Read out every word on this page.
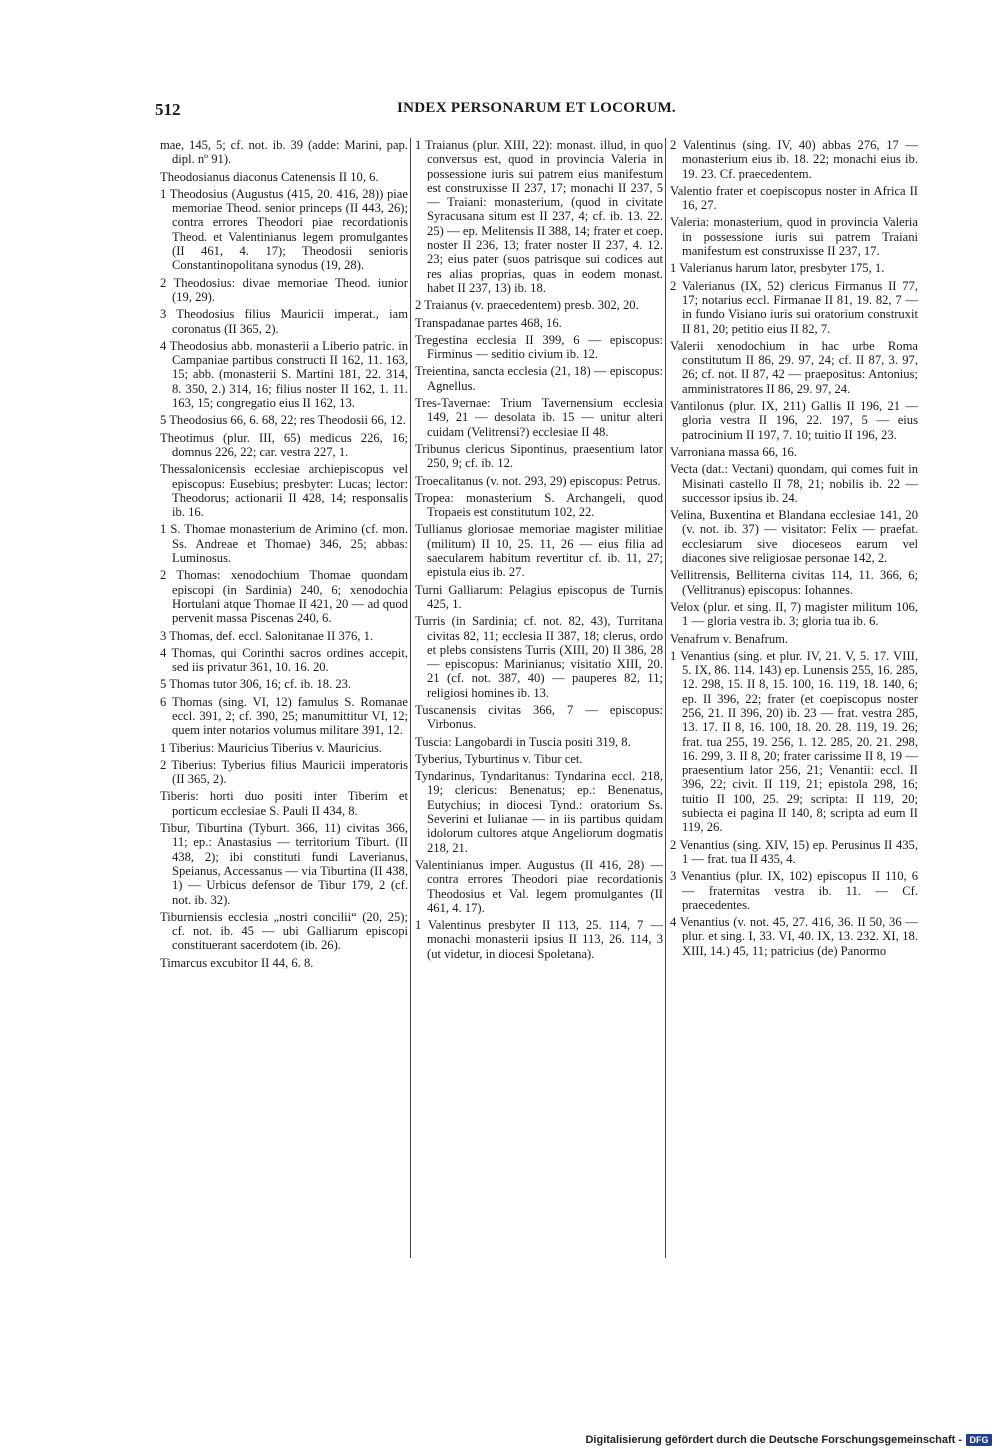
512	INDEX PERSONARUM ET LOCORUM.

mae, 145, 5; cf. not. ib. 39 (adde: Marini, pap. dipl. nº 91).

Theodosianus diaconus Catenensis II 10, 6.

1 Theodosius (Augustus (415, 20. 416, 28)) piae memoriae Theod. senior princeps (II 443, 26); contra errores Theodori piae recordationis Theod. et Valentinianus legem promulgantes (II 461, 4. 17); Theodosii senioris Constantinopolitana synodus (19, 28).

2 Theodosius: divae memoriae Theod. iunior (19, 29).

3 Theodosius filius Mauricii imperat., iam coronatus (II 365, 2).

4 Theodosius abb. monasterii a Liberio patric. in Campaniae partibus constructi II 162, 11. 163, 15; abb. (monasterii S. Martini 181, 22. 314, 8. 350, 2.) 314, 16; filius noster II 162, 1. 11. 163, 15; congregatio eius II 162, 13.

5 Theodosius 66, 6. 68, 22; res Theodosii 66, 12.

Theotimus (plur. III, 65) medicus 226, 16; domnus 226, 22; car. vestra 227, 1.

Thessalonicensis ecclesiae archiepiscopus vel episcopus: Eusebius; presbyter: Lucas; lector: Theodorus; actionarii II 428, 14; responsalis ib. 16.

1 S. Thomae monasterium de Arimino (cf. mon. Ss. Andreae et Thomae) 346, 25; abbas: Luminosus.

2 Thomas: xenodochium Thomae quondam episcopi (in Sardinia) 240, 6; xenodochia Hortulani atque Thomae II 421, 20 — ad quod pervenit massa Piscenas 240, 6.

3 Thomas, def. eccl. Salonitanae II 376, 1.

4 Thomas, qui Corinthi sacros ordines accepit, sed iis privatur 361, 10. 16. 20.

5 Thomas tutor 306, 16; cf. ib. 18. 23.

6 Thomas (sing. VI, 12) famulus S. Romanae eccl. 391, 2; cf. 390, 25; manumittitur VI, 12; quem inter notarios volumus militare 391, 12.

1 Tiberius: Mauricius Tiberius v. Mauricius.

2 Tiberius: Tyberius filius Mauricii imperatoris (II 365, 2).

Tiberis: horti duo positi inter Tiberim et porticum ecclesiae S. Pauli II 434, 8.

Tibur, Tiburtina (Tyburt. 366, 11) civitas 366, 11; ep.: Anastasius — territorium Tiburt. (II 438, 2); ibi constituti fundi Laverianus, Speianus, Accessanus — via Tiburtina (II 438, 1) — Urbicus defensor de Tibur 179, 2 (cf. not. ib. 32).

Tiburniensis ecclesia „nostri concilii“ (20, 25); cf. not. ib. 45 — ubi Galliarum episcopi constituerant sacerdotem (ib. 26).

Timarcus excubitor II 44, 6. 8.

1 Traianus (plur. XIII, 22): monast. illud, in quo conversus est, quod in provincia Valeria in possessione iuris sui patrem eius manifestum est construxisse II 237, 17; monachi II 237, 5 — Traiani: monasterium, (quod in civitate Syracusana situm est II 237, 4; cf. ib. 13. 22. 25) — ep. Melitensis II 388, 14; frater et coep. noster II 236, 13; frater noster II 237, 4. 12. 23; eius pater (suos patrisque sui codices aut res alias proprias, quas in eodem monast. habet II 237, 13) ib. 18.

2 Traianus (v. praecedentem) presb. 302, 20.

Transpadanae partes 468, 16.

Tregestina ecclesia II 399, 6 — episcopus: Firminus — seditio civium ib. 12.

Treientina, sancta ecclesia (21, 18) — episcopus: Agnellus.

Tres-Tavernae: Trium Tavernensium ecclesia 149, 21 — desolata ib. 15 — unitur alteri cuidam (Velitrensi?) ecclesiae II 48.

Tribunus clericus Sipontinus, praesentium lator 250, 9; cf. ib. 12.

Troecalitanus (v. not. 293, 29) episcopus: Petrus.

Tropea: monasterium S. Archangeli, quod Tropaeis est constitutum 102, 22.

Tullianus gloriosae memoriae magister militiae (militum) II 10, 25. 11, 26 — eius filia ad saecularem habitum revertitur cf. ib. 11, 27; epistula eius ib. 27.

Turni Galliarum: Pelagius episcopus de Turnis 425, 1.

Turris (in Sardinia; cf. not. 82, 43), Turritana civitas 82, 11; ecclesia II 387, 18; clerus, ordo et plebs consistens Turris (XIII, 20) II 386, 28 — episcopus: Marinianus; visitatio XIII, 20. 21 (cf. not. 387, 40) — pauperes 82, 11; religiosi homines ib. 13.

Tuscanensis civitas 366, 7 — episcopus: Virbonus.

Tuscia: Langobardi in Tuscia positi 319, 8.

Tyberius, Tyburtinus v. Tibur cet.

Tyndarinus, Tyndaritanus: Tyndarina eccl. 218, 19; clericus: Benenatus; ep.: Benenatus, Eutychius; in diocesi Tynd.: oratorium Ss. Severini et Iulianae — in iis partibus quidam idolorum cultores atque Angeliorum dogmatis 218, 21.

Valentinianus imper. Augustus (II 416, 28) — contra errores Theodori piae recordationis Theodosius et Val. legem promulgantes (II 461, 4. 17).

1 Valentinus presbyter II 113, 25. 114, 7 — monachi monasterii ipsius II 113, 26. 114, 3 (ut videtur, in diocesi Spoletana).

2 Valentinus (sing. IV, 40) abbas 276, 17 — monasterium eius ib. 18. 22; monachi eius ib. 19. 23. Cf. praecedentem.

Valentio frater et coepiscopus noster in Africa II 16, 27.

Valeria: monasterium, quod in provincia Valeria in possessione iuris sui patrem Traiani manifestum est construxisse II 237, 17.

1 Valerianus harum lator, presbyter 175, 1.

2 Valerianus (IX, 52) clericus Firmanus II 77, 17; notarius eccl. Firmanae II 81, 19. 82, 7 — in fundo Visiano iuris sui oratorium construxit II 81, 20; petitio eius II 82, 7.

Valerii xenodochium in hac urbe Roma constitutum II 86, 29. 97, 24; cf. II 87, 3. 97, 26; cf. not. II 87, 42 — praepositus: Antonius; amministratores II 86, 29. 97, 24.

Vantilonus (plur. IX, 211) Gallis II 196, 21 — gloria vestra II 196, 22. 197, 5 — eius patrocinium II 197, 7. 10; tuitio II 196, 23.

Varroniana massa 66, 16.

Vecta (dat.: Vectani) quondam, qui comes fuit in Misinati castello II 78, 21; nobilis ib. 22 — successor ipsius ib. 24.

Velina, Buxentina et Blandana ecclesiae 141, 20 (v. not. ib. 37) — visitator: Felix — praefat. ecclesiarum sive dioceseos earum vel diacones sive religiosae personae 142, 2.

Vellitrensis, Belliterna civitas 114, 11. 366, 6; (Vellitranus) episcopus: Iohannes.

Velox (plur. et sing. II, 7) magister militum 106, 1 — gloria vestra ib. 3; gloria tua ib. 6.

Venafrum v. Benafrum.

1 Venantius (sing. et plur. IV, 21. V, 5. 17. VIII, 5. IX, 86. 114. 143) ep. Lunensis 255, 16. 285, 12. 298, 15. II 8, 15. 100, 16. 119, 18. 140, 6; ep. II 396, 22; frater (et coepiscopus noster 256, 21. II 396, 20) ib. 23 — frat. vestra 285, 13. 17. II 8, 16. 100, 18. 20. 28. 119, 19. 26; frat. tua 255, 19. 256, 1. 12. 285, 20. 21. 298, 16. 299, 3. II 8, 20; frater carissime II 8, 19 — praesentium lator 256, 21; Venantii: eccl. II 396, 22; civit. II 119, 21; epistola 298, 16; tuitio II 100, 25. 29; scripta: II 119, 20; subiecta ei pagina II 140, 8; scripta ad eum II 119, 26.

2 Venantius (sing. XIV, 15) ep. Perusinus II 435, 1 — frat. tua II 435, 4.

3 Venantius (plur. IX, 102) episcopus II 110, 6 — fraternitas vestra ib. 11. — Cf. praecedentes.

4 Venantius (v. not. 45, 27. 416, 36. II 50, 36 — plur. et sing. I, 33. VI, 40. IX, 13. 232. XI, 18. XIII, 14.) 45, 11; patricius (de) Panormo

Digitalisierung gefördert durch die Deutsche Forschungsgemeinschaft - DFG
